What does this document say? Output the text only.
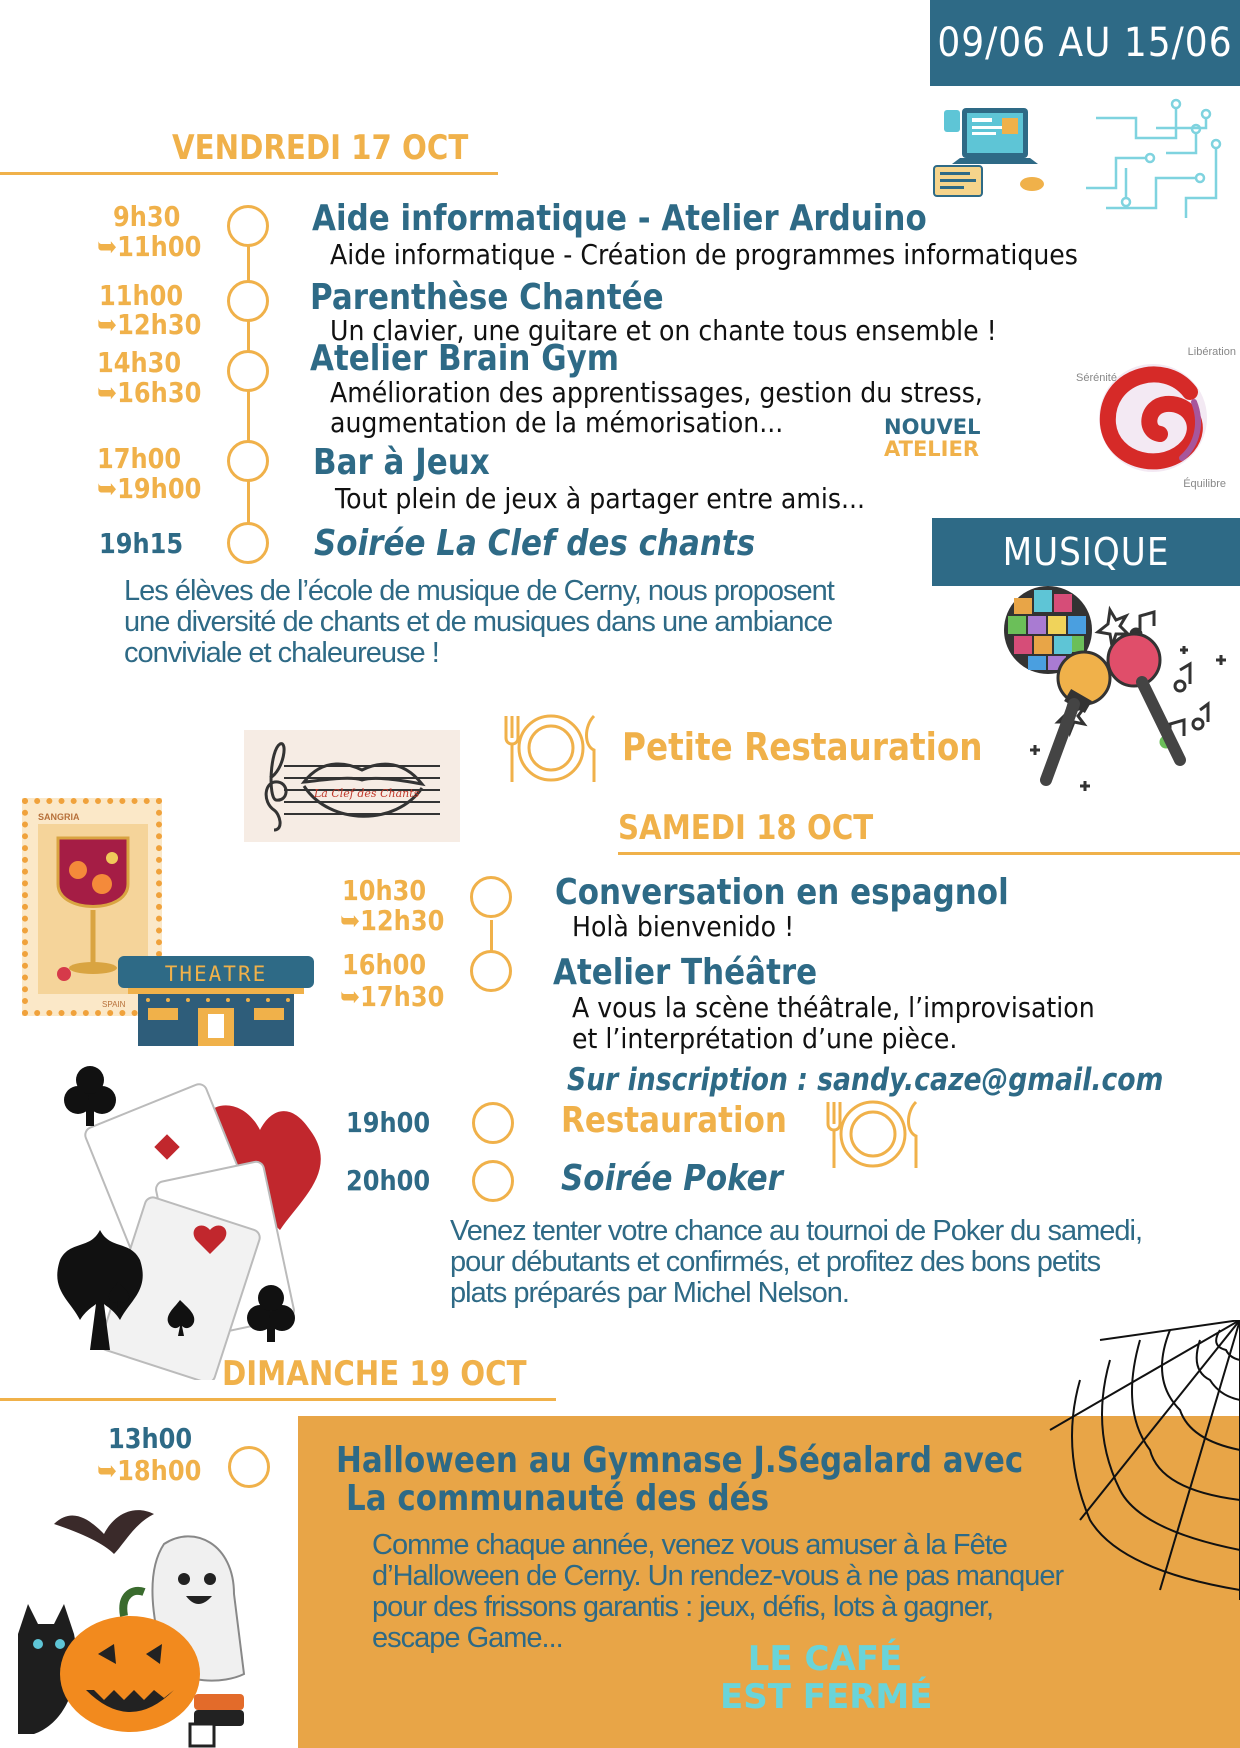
09/06 AU 15/06
VENDREDI 17 OCT
9h30
➥11h00
Aide informatique - Atelier Arduino
Aide informatique - Création de programmes informatiques
11h00
➥12h30
Parenthèse Chantée
Un clavier, une guitare et on chante tous ensemble !
14h30
➥16h30
Atelier Brain Gym
Amélioration des apprentissages, gestion du stress,
augmentation de la mémorisation...	NOUVEL
ATELIER
Libération
Sérénité
Équilibre
17h00
➥19h00
Bar à Jeux
Tout plein de jeux à partager entre amis...
19h15	Soirée La Clef des chants	MUSIQUE
Les élèves de l’école de musique de Cerny, nous proposent
une diversité de chants et de musiques dans une ambiance
conviviale et chaleureuse !
La Clef des Chants
Petite Restauration
SAMEDI 18 OCT
SANGRIA
SPAIN
THEATRE
10h30
➥12h30
Conversation en espagnol
Holà bienvenido !
16h00
➥17h30
Atelier Théâtre
A vous la scène théâtrale, l’improvisation
et l’interprétation d’une pièce.
Sur inscription : sandy.caze@gmail.com
19h00	Restauration
20h00	Soirée Poker
Venez tenter votre chance au tournoi de Poker du samedi,
pour débutants et confirmés, et profitez des bons petits
plats préparés par Michel Nelson.
DIMANCHE 19 OCT
13h00
➥18h00	Halloween au Gymnase J.Ségalard avec
La communauté des dés
Comme chaque année, venez vous amuser à la Fête
d’Halloween de Cerny. Un rendez-vous à ne pas manquer
pour des frissons garantis : jeux, défis, lots à gagner,
escape Game...
LE CAFÉ
EST FERMÉ
